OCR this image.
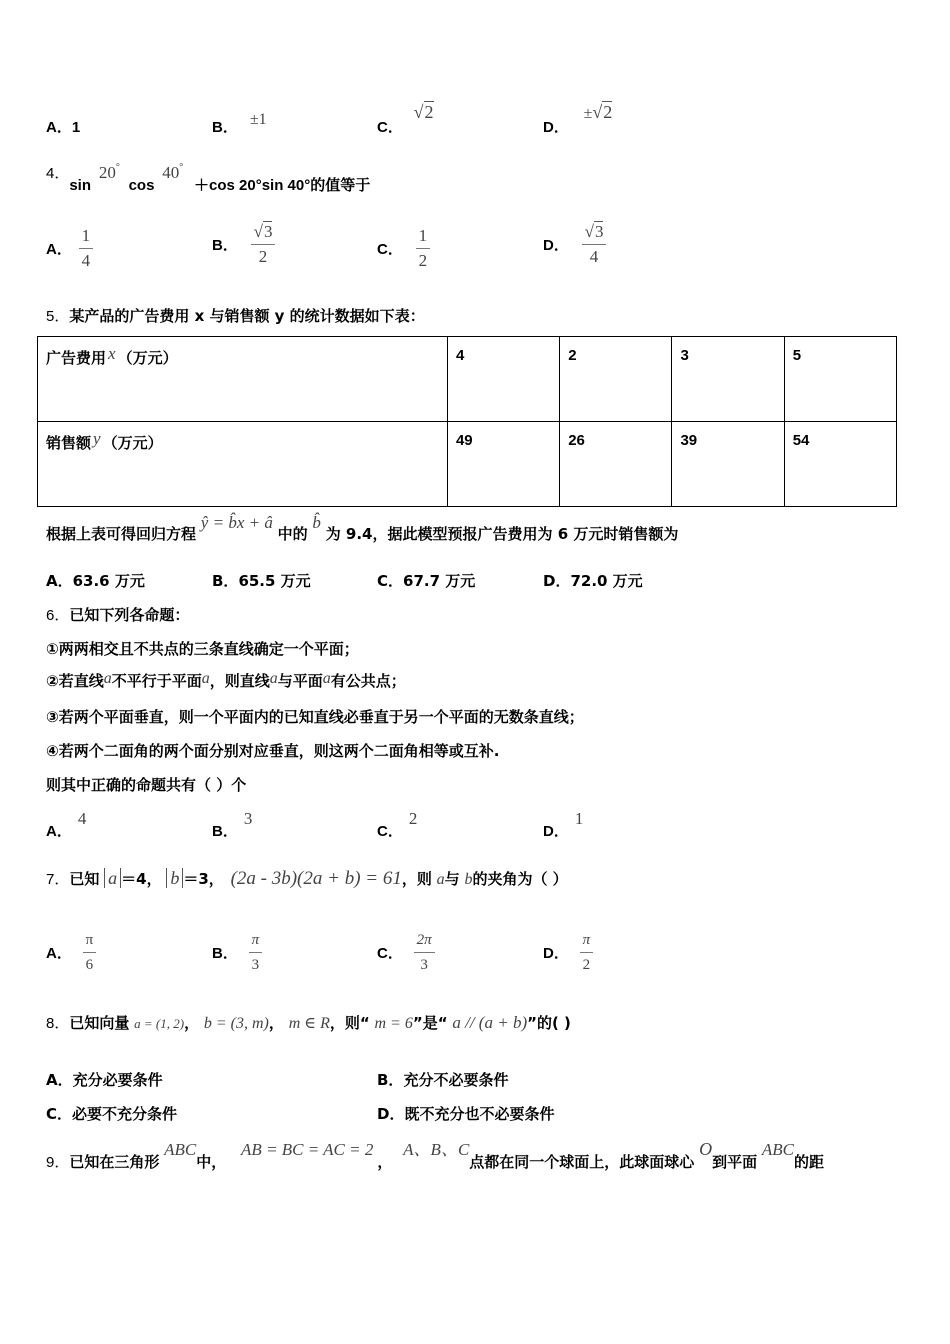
A．1	B． ±1	C． √2
D． ±√2
4．sin 20° cos 40° ＋cos 20°sin 40°的值等于
A． $\frac{1}{4}$	B． $\frac{√3}{2}$	C． $\frac{1}{2}$	D． $\frac{√3}{4}$
5．某产品的广告费用 x 与销售额 y 的统计数据如下表：
广告费用 x （万元）	4	2	3	5
销售额 y （万元）	49	26	39	54
根据上表可得回归方程 ŷ = b̂x + â 中的 b̂ 为 9.4，据此模型预报广告费用为 6 万元时销售额为
A．63.6 万元	B．65.5 万元	C．67.7 万元	D．72.0 万元
6．已知下列各命题：
①两两相交且不共点的三条直线确定一个平面；
②若直线a不平行于平面a，则直线a与平面a有公共点；
③若两个平面垂直，则一个平面内的已知直线必垂直于另一个平面的无数条直线；
④若两个二面角的两个面分别对应垂直，则这两个二面角相等或互补.
则其中正确的命题共有（ ）个
A．4
B．3
C．2
D．1
7．已知 a ＝4， b ＝3， (2a - 3b)(2a + b) = 61，则 a与 b的夹角为（ ）
A． $\frac{\pi}{6}$	B． $\frac{\pi}{3}$	C． $\frac{2\pi}{3}$	D． $\frac{\pi}{2}$
8．已知向量 a = (1, 2)， b = (3, m)， m ∈ R，则“ m = 6”是“ a // (a + b)”的( )
A．充分必要条件	B．充分不必要条件
C．必要不充分条件	D．既不充分也不必要条件
9．已知在三角形 ABC中， AB = BC = AC = 2， A、B、C点都在同一个球面上，此球面球心 O到平面 ABC的距
